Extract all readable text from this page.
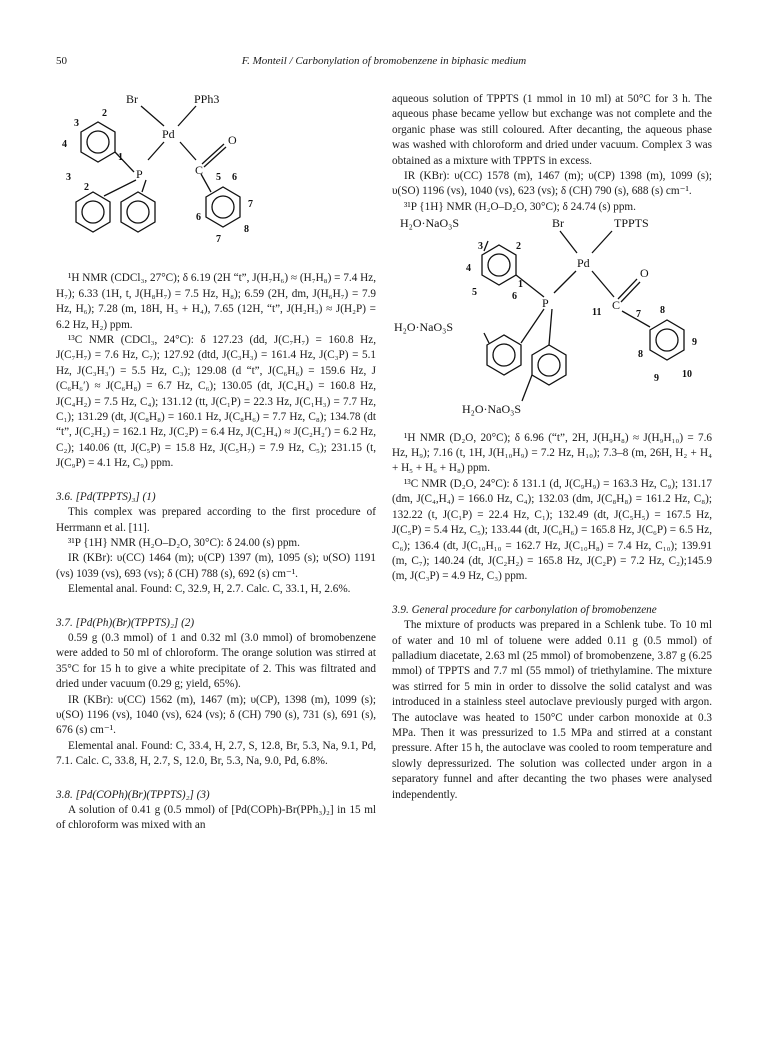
50	F. Monteil / Carbonylation of bromobenzene in biphasic medium
Br	PPh3
Pd	O
C
P
3
2
4
1
3
2
5 6
7
6
7
8

¹H NMR (CDCl₃, 27°C); δ 6.19 (2H “t”, J(H₇H₆) ≈ (H₇H₈) = 7.4 Hz, H₇); 6.33 (1H, t, J(H₈H₇) = 7.5 Hz, H₈); 6.59 (2H, dm, J(H₆H₇) = 7.9 Hz, H₆); 7.28 (m, 18H, H₃ + H₄), 7.65 (12H, “t”, J(H₂H₃) ≈ J(H₂P) = 6.2 Hz, H₂) ppm.

¹³C NMR (CDCl₃, 24°C): δ 127.23 (dd, J(C₇H₇) = 160.8 Hz, J(C₇H₇) = 7.6 Hz, C₇); 127.92 (dtd, J(C₃H₃) = 161.4 Hz, J(C₃P) = 5.1 Hz, J(C₃H₃′) = 5.5 Hz, C₃); 129.08 (d “t”, J(C₆H₆) = 159.6 Hz, J (C₆H₆′) ≈ J(C₆H₈) = 6.7 Hz, C₆); 130.05 (dt, J(C₄H₄) = 160.8 Hz, J(C₄H₂) = 7.5 Hz, C₄); 131.12 (tt, J(C₁P) = 22.3 Hz, J(C₁H₃) = 7.7 Hz, C₁); 131.29 (dt, J(C₈H₈) = 160.1 Hz, J(C₈H₆) = 7.7 Hz, C₈); 134.78 (dt “t”, J(C₂H₂) = 162.1 Hz, J(C₂P) = 6.4 Hz, J(C₂H₄) ≈ J(C₂H₂′) = 6.2 Hz, C₂); 140.06 (tt, J(C₅P) = 15.8 Hz, J(C₅H₇) = 7.9 Hz, C₅); 231.15 (t, J(C₉P) = 4.1 Hz, C₉) ppm.

3.6. [Pd(TPPTS)₃] (1)

This complex was prepared according to the first procedure of Herrmann et al. [11].

³¹P {1H} NMR (H₂O–D₂O, 30°C): δ 24.00 (s) ppm.

IR (KBr): υ(CC) 1464 (m); υ(CP) 1397 (m), 1095 (s); υ(SO) 1191 (vs) 1039 (vs), 693 (vs); δ (CH) 788 (s), 692 (s) cm⁻¹.

Elemental anal. Found: C, 32.9, H, 2.7. Calc. C, 33.1, H, 2.6%.

3.7. [Pd(Ph)(Br)(TPPTS)₂] (2)

0.59 g (0.3 mmol) of 1 and 0.32 ml (3.0 mmol) of bromobenzene were added to 50 ml of chloroform. The orange solution was stirred at 35°C for 15 h to give a white precipitate of 2. This was filtrated and dried under vacuum (0.29 g; yield, 65%).

IR (KBr): υ(CC) 1562 (m), 1467 (m); υ(CP), 1398 (m), 1099 (s); υ(SO) 1196 (vs), 1040 (vs), 624 (vs); δ (CH) 790 (s), 731 (s), 691 (s), 676 (s) cm⁻¹.

Elemental anal. Found: C, 33.4, H, 2.7, S, 12.8, Br, 5.3, Na, 9.1, Pd, 7.1. Calc. C, 33.8, H, 2.7, S, 12.0, Br, 5.3, Na, 9.0, Pd, 6.8%.

3.8. [Pd(COPh)(Br)(TPPTS)₂] (3)

A solution of 0.41 g (0.5 mmol) of [Pd(COPh)-Br(PPh₃)₂] in 15 ml of chloroform was mixed with an

aqueous solution of TPPTS (1 mmol in 10 ml) at 50°C for 3 h. The aqueous phase became yellow but exchange was not complete and the organic phase was still coloured. After decanting, the aqueous phase was washed with chloroform and dried under vacuum. Complex 3 was obtained as a mixture with TPPTS in excess.

IR (KBr): υ(CC) 1578 (m), 1467 (m); υ(CP) 1398 (m), 1099 (s); υ(SO) 1196 (vs), 1040 (vs), 623 (vs); δ (CH) 790 (s), 688 (s) cm⁻¹.

³¹P {1H} NMR (H₂O–D₂O, 30°C); δ 24.74 (s) ppm.

H₂O·NaO₃S	Br	TPPTS
Pd
P	C
O
H₂O·NaO₃S
H₂O·NaO₃S
3	2
4
1
5	6
11	7 8
9
8
10
9

¹H NMR (D₂O, 20°C); δ 6.96 (“t”, 2H, J(H₉H₈) ≈ J(H₉H₁₀) = 7.6 Hz, H₉); 7.16 (t, 1H, J(H₁₀H₉) = 7.2 Hz, H₁₀); 7.3–8 (m, 26H, H₂ + H₄ + H₅ + H₆ + H₈) ppm.

¹³C NMR (D₂O, 24°C): δ 131.1 (d, J(C₉H₉) = 163.3 Hz, C₉); 131.17 (dm, J(C₄,H₄) = 166.0 Hz, C₄); 132.03 (dm, J(C₈H₈) = 161.2 Hz, C₈); 132.22 (t, J(C₁P) = 22.4 Hz, C₁); 132.49 (dt, J(C₅H₅) = 167.5 Hz, J(C₅P) = 5.4 Hz, C₅); 133.44 (dt, J(C₆H₆) = 165.8 Hz, J(C₆P) = 6.5 Hz, C₆); 136.4 (dt, J(C₁₀H₁₀ = 162.7 Hz, J(C₁₀H₈) = 7.4 Hz, C₁₀); 139.91 (m, C₇); 140.24 (dt, J(C₂H₂) = 165.8 Hz, J(C₂P) = 7.2 Hz, C₂);145.9 (m, J(C₃P) = 4.9 Hz, C₃) ppm.

3.9. General procedure for carbonylation of bromobenzene

The mixture of products was prepared in a Schlenk tube. To 10 ml of water and 10 ml of toluene were added 0.11 g (0.5 mmol) of palladium diacetate, 2.63 ml (25 mmol) of bromobenzene, 3.87 g (6.25 mmol) of TPPTS and 7.7 ml (55 mmol) of triethylamine. The mixture was stirred for 5 min in order to dissolve the solid catalyst and was introduced in a stainless steel autoclave previously purged with argon. The autoclave was heated to 150°C under carbon monoxide at 0.3 MPa. Then it was pressurized to 1.5 MPa and stirred at a constant pressure. After 15 h, the autoclave was cooled to room temperature and slowly depressurized. The solution was collected under argon in a separatory funnel and after decanting the two phases were analysed independently.
